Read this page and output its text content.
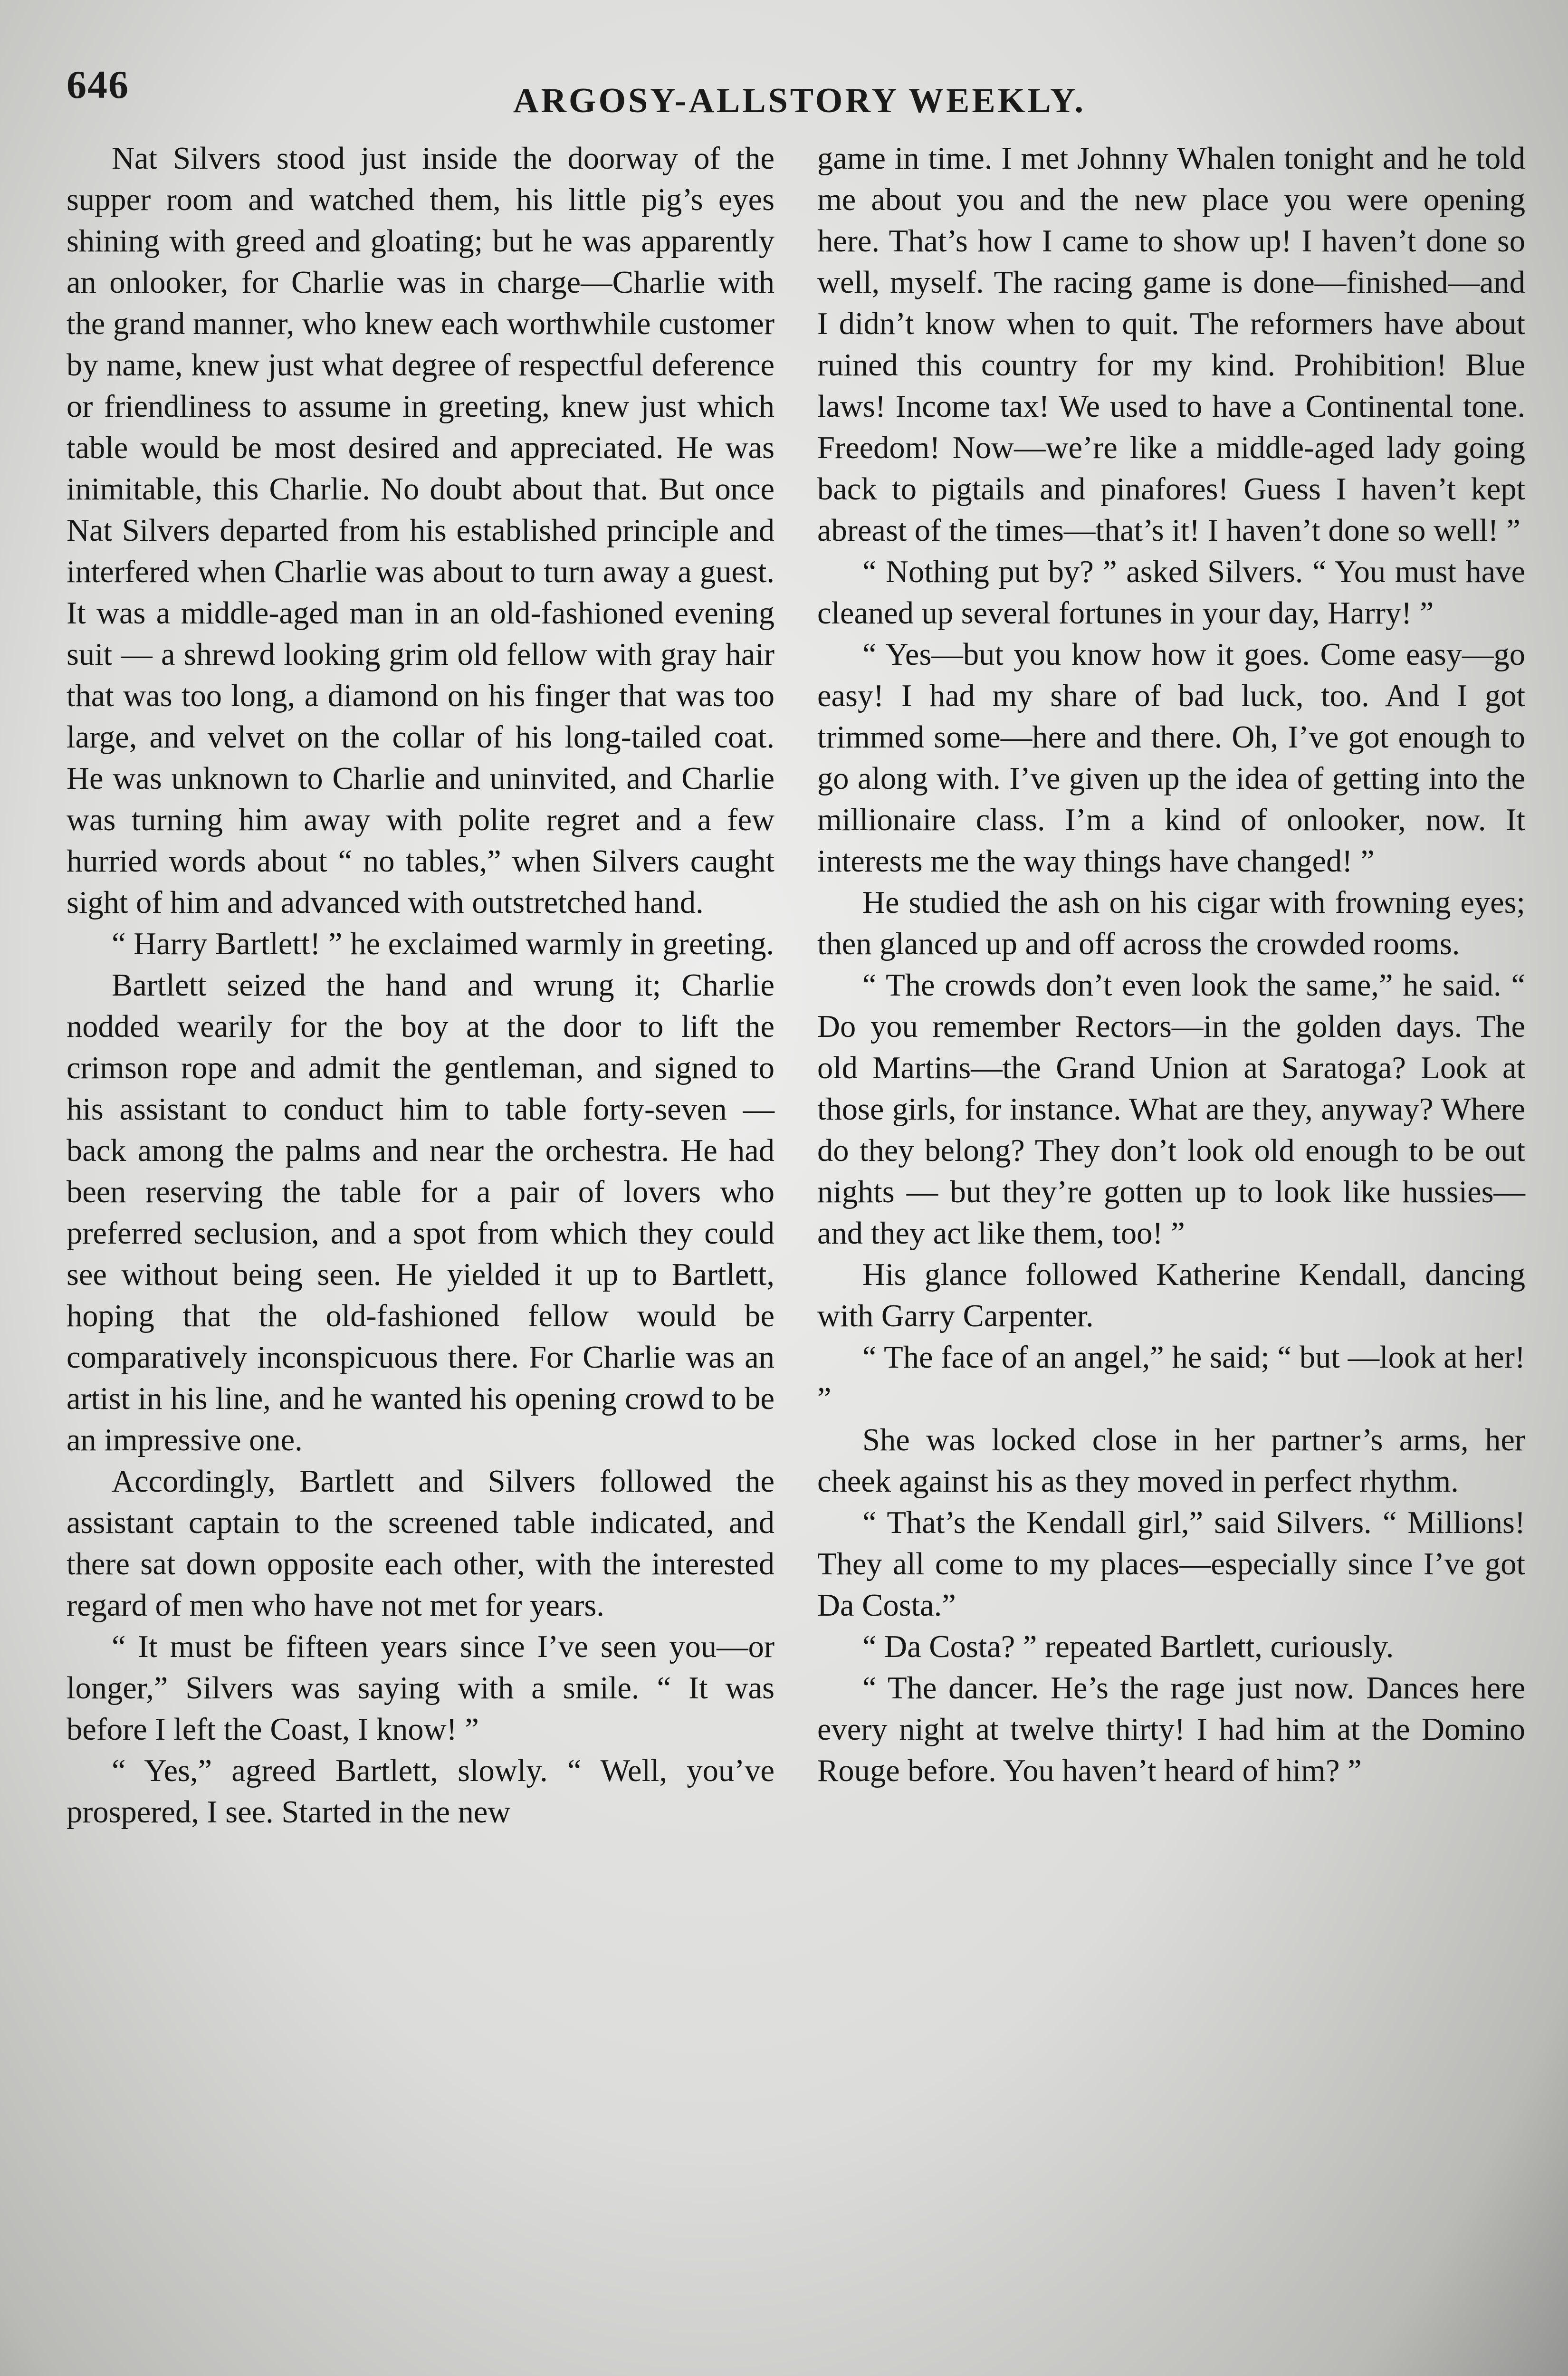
646	ARGOSY-ALLSTORY WEEKLY.

Nat Silvers stood just inside the doorway of the supper room and watched them, his little pig’s eyes shining with greed and gloating; but he was apparently an onlooker, for Charlie was in charge—Charlie with the grand manner, who knew each worthwhile customer by name, knew just what degree of respectful deference or friendliness to assume in greeting, knew just which table would be most desired and appreciated. He was inimitable, this Charlie. No doubt about that. But once Nat Silvers departed from his established principle and interfered when Charlie was about to turn away a guest. It was a middle-aged man in an old-fashioned evening suit — a shrewd looking grim old fellow with gray hair that was too long, a diamond on his finger that was too large, and velvet on the collar of his long-tailed coat. He was unknown to Charlie and uninvited, and Charlie was turning him away with polite regret and a few hurried words about “ no tables,” when Silvers caught sight of him and advanced with outstretched hand.

“ Harry Bartlett! ” he exclaimed warmly in greeting.

Bartlett seized the hand and wrung it; Charlie nodded wearily for the boy at the door to lift the crimson rope and admit the gentleman, and signed to his assistant to conduct him to table forty-seven — back among the palms and near the orchestra. He had been reserving the table for a pair of lovers who preferred seclusion, and a spot from which they could see without being seen. He yielded it up to Bartlett, hoping that the old-fashioned fellow would be comparatively inconspicuous there. For Charlie was an artist in his line, and he wanted his opening crowd to be an impressive one.

Accordingly, Bartlett and Silvers followed the assistant captain to the screened table indicated, and there sat down opposite each other, with the interested regard of men who have not met for years.

“ It must be fifteen years since I’ve seen you—or longer,” Silvers was saying with a smile. “ It was before I left the Coast, I know! ”

“ Yes,” agreed Bartlett, slowly. “ Well, you’ve prospered, I see. Started in the new

game in time. I met Johnny Whalen tonight and he told me about you and the new place you were opening here. That’s how I came to show up! I haven’t done so well, myself. The racing game is done—finished—and I didn’t know when to quit. The reformers have about ruined this country for my kind. Prohibition! Blue laws! Income tax! We used to have a Continental tone. Freedom! Now—we’re like a middle-aged lady going back to pigtails and pinafores! Guess I haven’t kept abreast of the times—that’s it! I haven’t done so well! ”

“ Nothing put by? ” asked Silvers. “ You must have cleaned up several fortunes in your day, Harry! ”

“ Yes—but you know how it goes. Come easy—go easy! I had my share of bad luck, too. And I got trimmed some—here and there. Oh, I’ve got enough to go along with. I’ve given up the idea of getting into the millionaire class. I’m a kind of onlooker, now. It interests me the way things have changed! ”

He studied the ash on his cigar with frowning eyes; then glanced up and off across the crowded rooms.

“ The crowds don’t even look the same,” he said. “ Do you remember Rectors—in the golden days. The old Martins—the Grand Union at Saratoga? Look at those girls, for instance. What are they, anyway? Where do they belong? They don’t look old enough to be out nights — but they’re gotten up to look like hussies—and they act like them, too! ”

His glance followed Katherine Kendall, dancing with Garry Carpenter.

“ The face of an angel,” he said; “ but —look at her! ”

She was locked close in her partner’s arms, her cheek against his as they moved in perfect rhythm.

“ That’s the Kendall girl,” said Silvers. “ Millions! They all come to my places—especially since I’ve got Da Costa.”

“ Da Costa? ” repeated Bartlett, curiously.

“ The dancer. He’s the rage just now. Dances here every night at twelve thirty! I had him at the Domino Rouge before. You haven’t heard of him? ”
